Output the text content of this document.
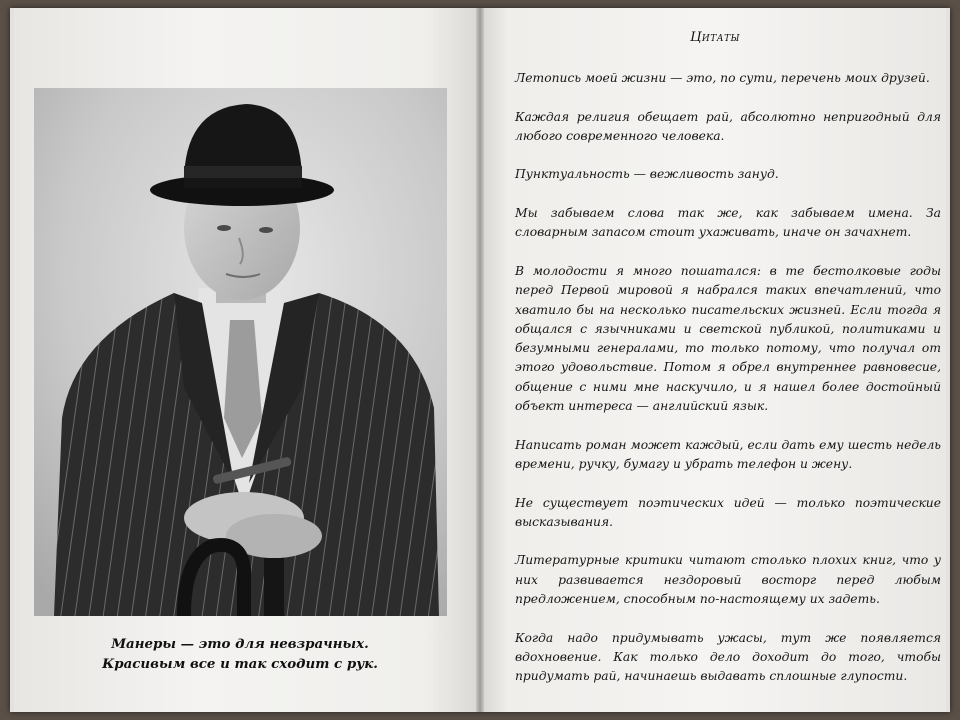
Манеры — это для невзрачных.
Красивым все и так сходит с рук.
Цитаты

Летопись моей жизни — это, по сути, перечень моих друзей.

Каждая религия обещает рай, абсолютно непригодный для любого современного человека.

Пунктуальность — вежливость зануд.

Мы забываем слова так же, как забываем имена. За словарным запасом стоит ухаживать, иначе он зачахнет.

В молодости я много пошатался: в те бестолковые годы перед Первой мировой я набрался таких впечатлений, что хватило бы на несколько писательских жизней. Если тогда я общался с язычниками и светской публикой, политиками и безумными генералами, то только потому, что получал от этого удовольствие. Потом я обрел внутреннее равновесие, общение с ними мне наскучило, и я нашел более достойный объект интереса — английский язык.

Написать роман может каждый, если дать ему шесть недель времени, ручку, бумагу и убрать телефон и жену.

Не существует поэтических идей — только поэтические высказывания.

Литературные критики читают столько плохих книг, что у них развивается нездоровый восторг перед любым предложением, способным по-настоящему их задеть.

Когда надо придумывать ужасы, тут же появляется вдохновение. Как только дело доходит до того, чтобы придумать рай, начинаешь выдавать сплошные глупости.
